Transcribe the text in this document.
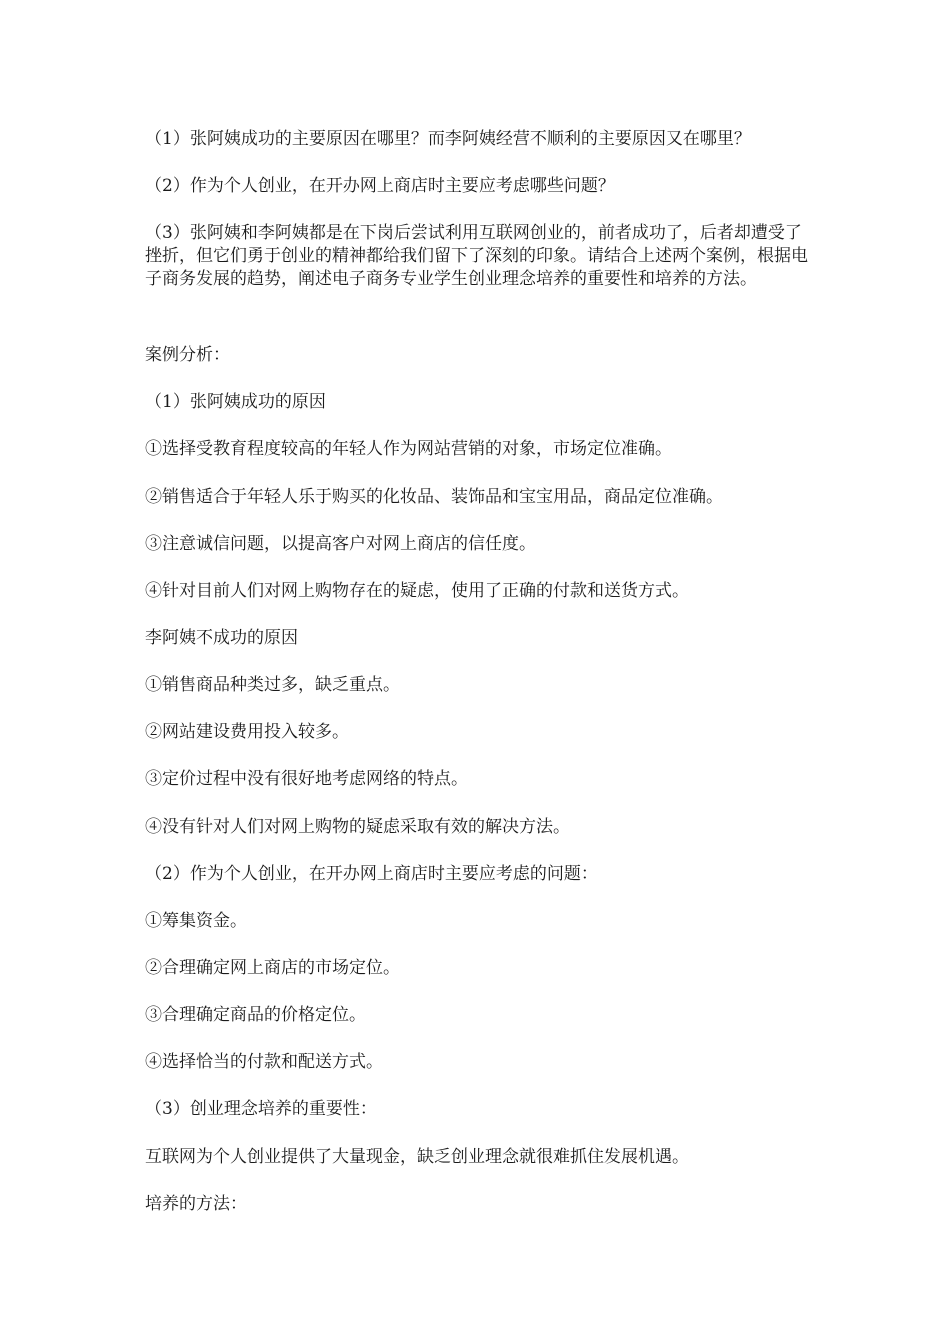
（1）张阿姨成功的主要原因在哪里？而李阿姨经营不顺利的主要原因又在哪里？

（2）作为个人创业，在开办网上商店时主要应考虑哪些问题？

（3）张阿姨和李阿姨都是在下岗后尝试利用互联网创业的，前者成功了，后者却遭受了挫折，但它们勇于创业的精神都给我们留下了深刻的印象。请结合上述两个案例，根据电子商务发展的趋势，阐述电子商务专业学生创业理念培养的重要性和培养的方法。

案例分析：

（1）张阿姨成功的原因

①选择受教育程度较高的年轻人作为网站营销的对象，市场定位准确。

②销售适合于年轻人乐于购买的化妆品、装饰品和宝宝用品，商品定位准确。

③注意诚信问题，以提高客户对网上商店的信任度。

④针对目前人们对网上购物存在的疑虑，使用了正确的付款和送货方式。

李阿姨不成功的原因

①销售商品种类过多，缺乏重点。

②网站建设费用投入较多。

③定价过程中没有很好地考虑网络的特点。

④没有针对人们对网上购物的疑虑采取有效的解决方法。

（2）作为个人创业，在开办网上商店时主要应考虑的问题：

①筹集资金。

②合理确定网上商店的市场定位。

③合理确定商品的价格定位。

④选择恰当的付款和配送方式。

（3）创业理念培养的重要性：

互联网为个人创业提供了大量现金，缺乏创业理念就很难抓住发展机遇。

培养的方法：
